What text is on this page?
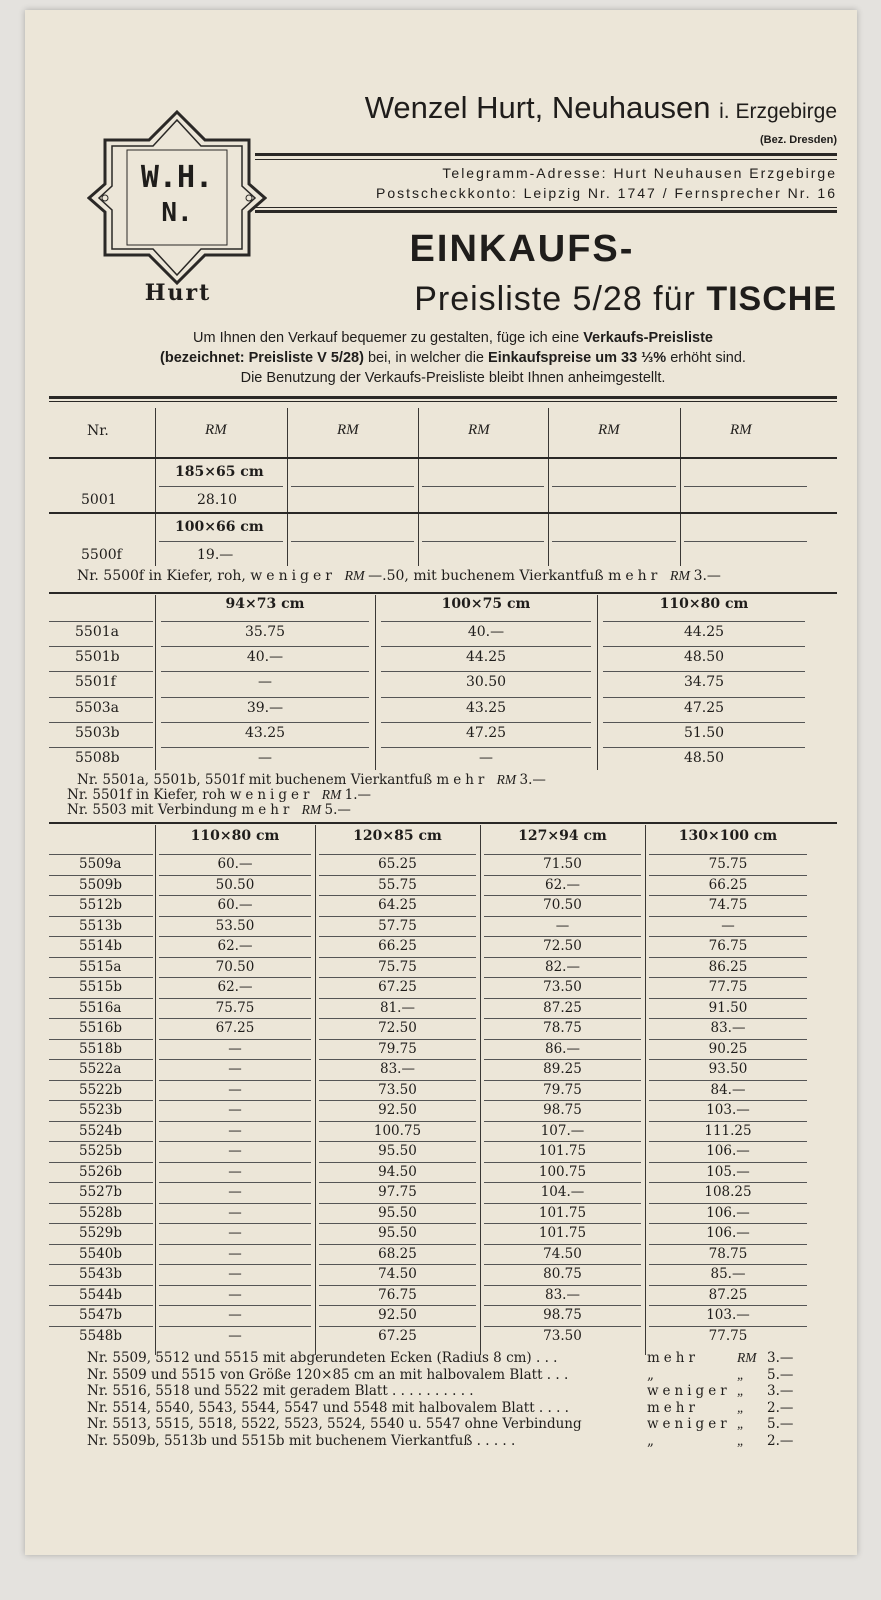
W.H.
N.
Hurt
Wenzel Hurt, Neuhausen i. Erzgebirge
(Bez. Dresden)
Telegramm-Adresse: Hurt Neuhausen Erzgebirge
Postscheckkonto: Leipzig Nr. 1747 / Fernsprecher Nr. 16
EINKAUFS-
Preisliste 5/28 für TISCHE
Um Ihnen den Verkauf bequemer zu gestalten, füge ich eine Verkaufs-Preisliste
(bezeichnet: Preisliste V 5/28) bei, in welcher die Einkaufspreise um 33 ⅓% erhöht sind.
Die Benutzung der Verkaufs-Preisliste bleibt Ihnen anheimgestellt.
Nr.	RM	RM	RM	RM	RM
185×65 cm
5001	28.10
100×66 cm
5500f	19.—
Nr. 5500f in Kiefer, roh, weniger RM —.50, mit buchenem Vierkantfuß mehr RM 3.—
94×73 cm	100×75 cm	110×80 cm
5501a	35.75	40.—	44.25
5501b	40.—	44.25	48.50
5501f	—	30.50	34.75
5503a	39.—	43.25	47.25
5503b	43.25	47.25	51.50
5508b	—	—	48.50
Nr. 5501a, 5501b, 5501f mit buchenem Vierkantfuß mehr RM 3.—
Nr. 5501f in Kiefer, roh weniger RM 1.—
Nr. 5503 mit Verbindung mehr RM 5.—
110×80 cm	120×85 cm	127×94 cm	130×100 cm
5509a	60.—	65.25	71.50	75.75
5509b	50.50	55.75	62.—	66.25
5512b	60.—	64.25	70.50	74.75
5513b	53.50	57.75	—	—
5514b	62.—	66.25	72.50	76.75
5515a	70.50	75.75	82.—	86.25
5515b	62.—	67.25	73.50	77.75
5516a	75.75	81.—	87.25	91.50
5516b	67.25	72.50	78.75	83.—
5518b	—	79.75	86.—	90.25
5522a	—	83.—	89.25	93.50
5522b	—	73.50	79.75	84.—
5523b	—	92.50	98.75	103.—
5524b	—	100.75	107.—	111.25
5525b	—	95.50	101.75	106.—
5526b	—	94.50	100.75	105.—
5527b	—	97.75	104.—	108.25
5528b	—	95.50	101.75	106.—
5529b	—	95.50	101.75	106.—
5540b	—	68.25	74.50	78.75
5543b	—	74.50	80.75	85.—
5544b	—	76.75	83.—	87.25
5547b	—	92.50	98.75	103.—
5548b	—	67.25	73.50	77.75
Nr. 5509, 5512 und 5515 mit abgerundeten Ecken (Radius 8 cm) . . .	mehr	RM 3.—
Nr. 5509 und 5515 von Größe 120×85 cm an mit halbovalem Blatt . . .	„	„ 5.—
Nr. 5516, 5518 und 5522 mit geradem Blatt . . . . . . . . . .	weniger „ 3.—
Nr. 5514, 5540, 5543, 5544, 5547 und 5548 mit halbovalem Blatt . . . .	mehr	„ 2.—
Nr. 5513, 5515, 5518, 5522, 5523, 5524, 5540 u. 5547 ohne Verbindung	weniger „ 5.—
Nr. 5509b, 5513b und 5515b mit buchenem Vierkantfuß . . . . .	„	„ 2.—
